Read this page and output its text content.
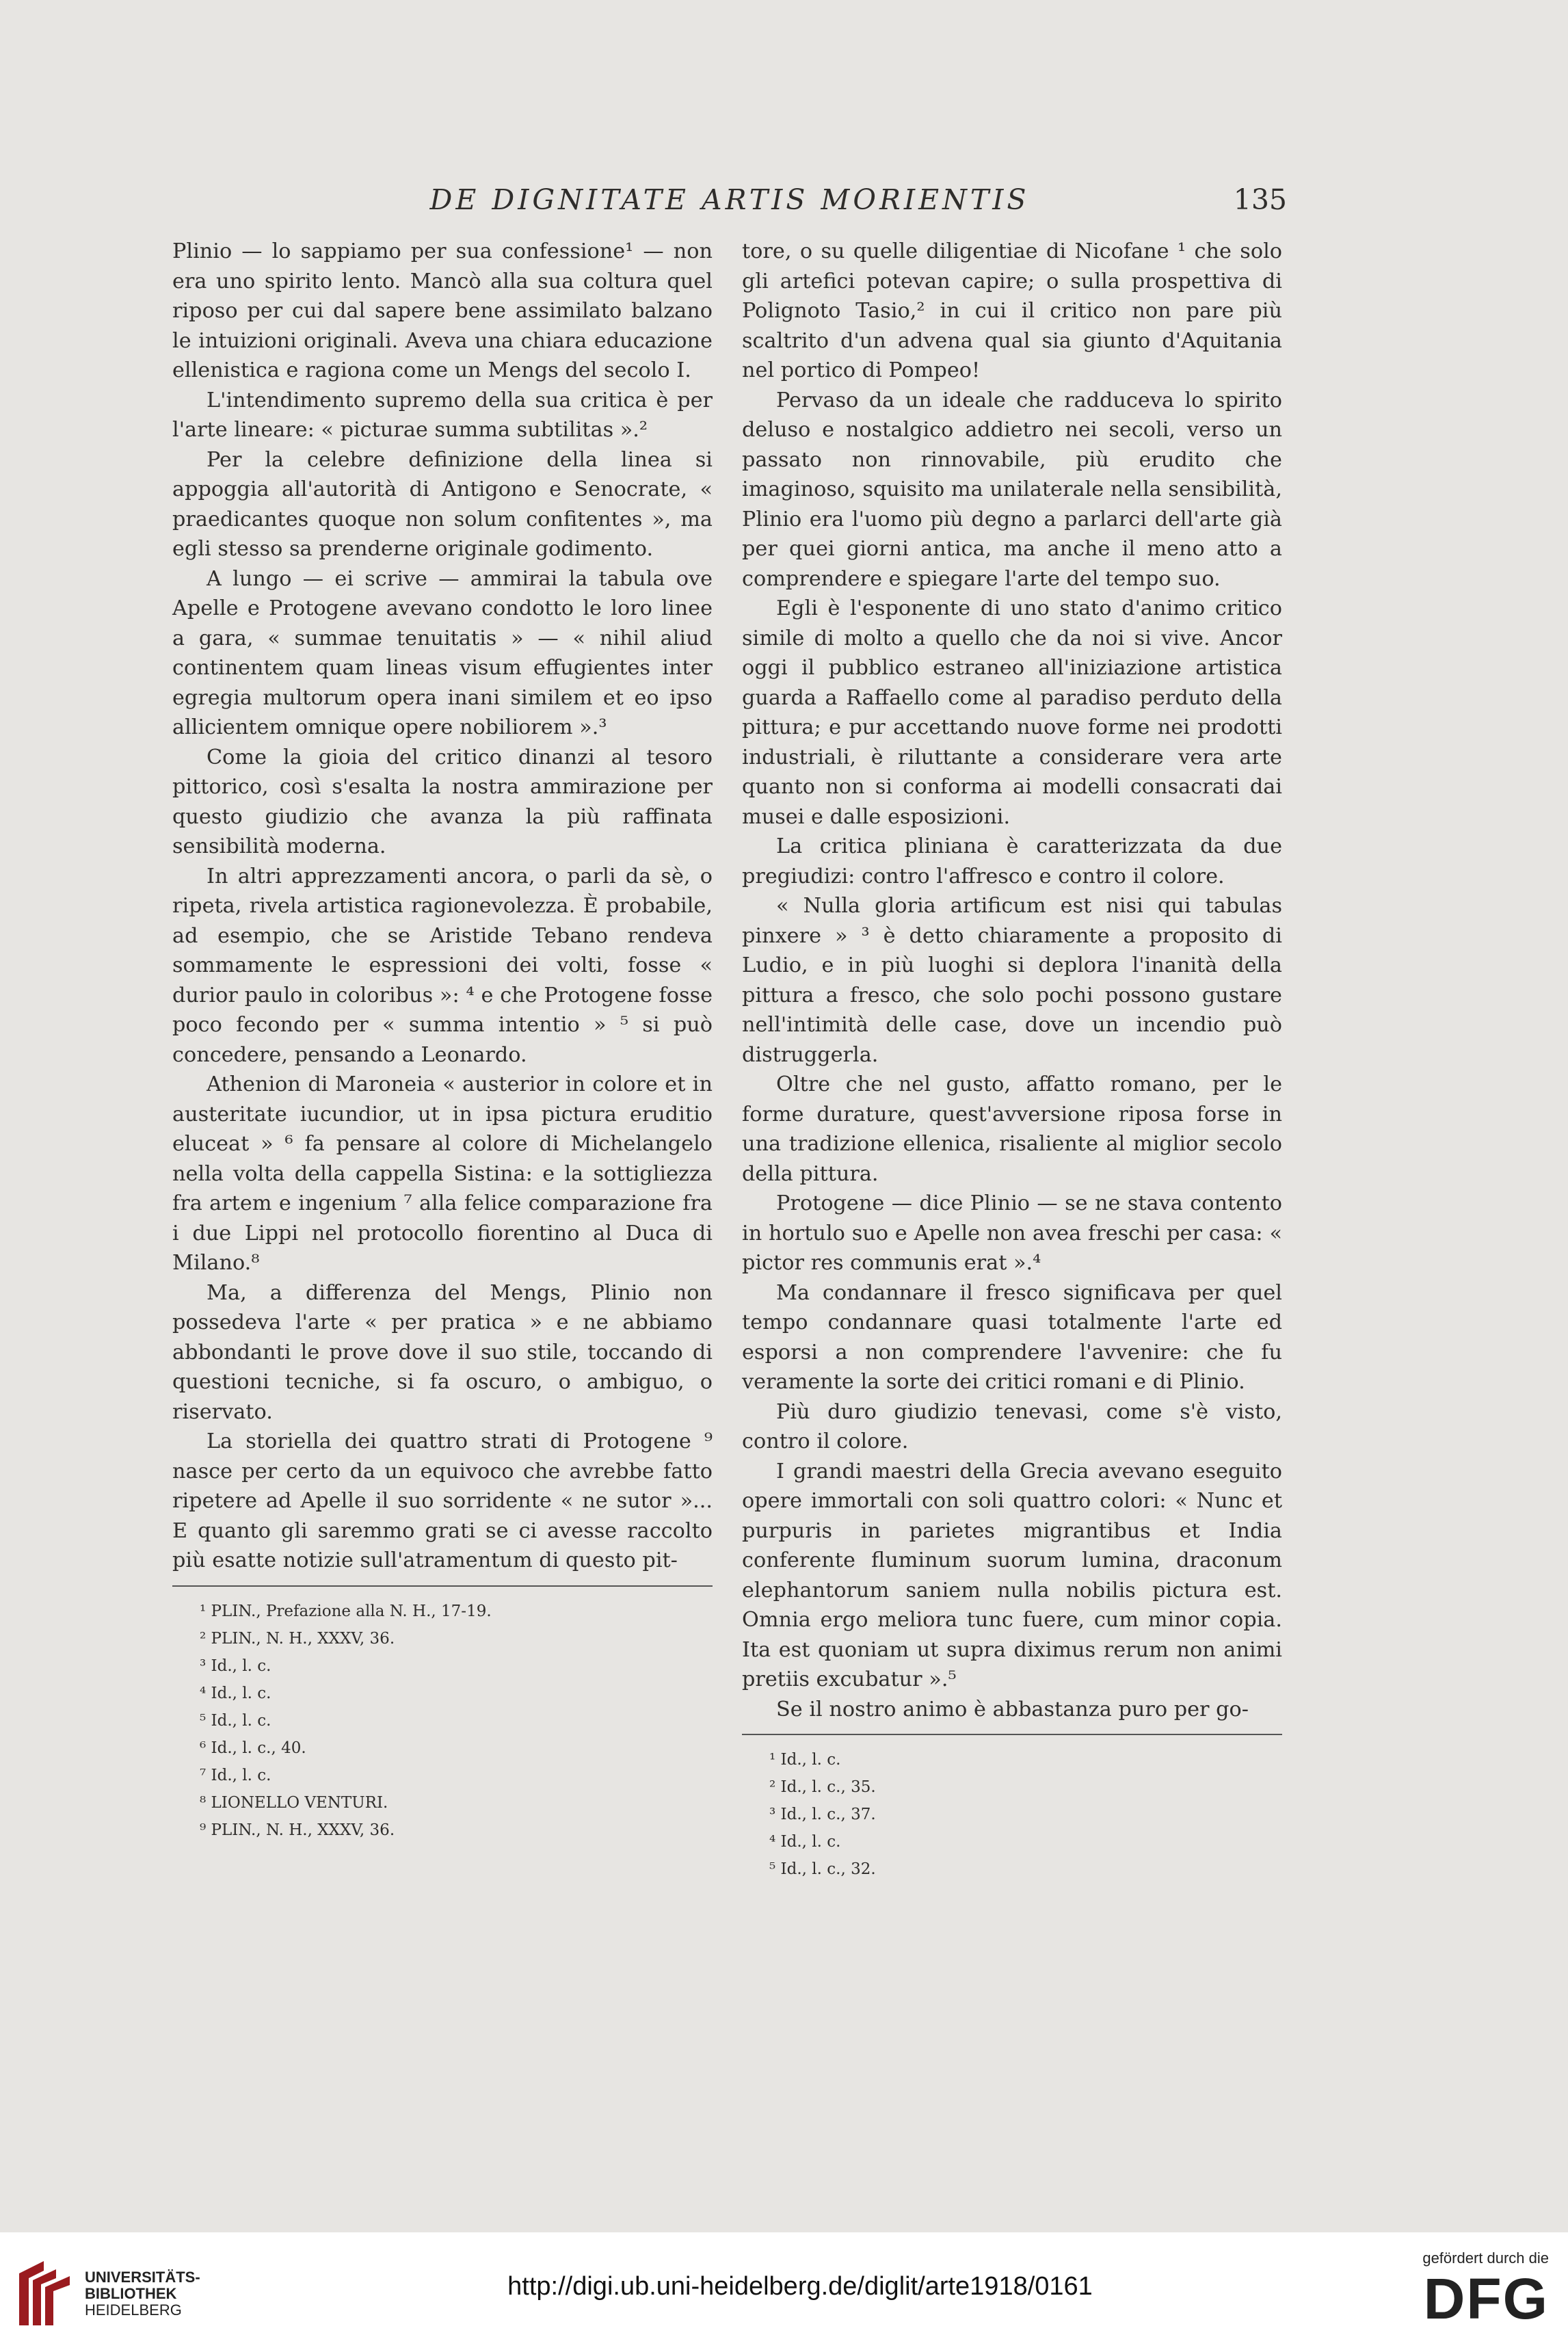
DE DIGNITATE ARTIS MORIENTIS	135

Plinio — lo sappiamo per sua confessione¹ — non era uno spirito lento. Mancò alla sua coltura quel riposo per cui dal sapere bene assimilato balzano le intuizioni originali. Aveva una chiara educazione ellenistica e ragiona come un Mengs del secolo I.

L'intendimento supremo della sua critica è per l'arte lineare: « picturae summa subtilitas ».²

Per la celebre definizione della linea si appoggia all'autorità di Antigono e Senocrate, « praedicantes quoque non solum confitentes », ma egli stesso sa prenderne originale godimento.

A lungo — ei scrive — ammirai la tabula ove Apelle e Protogene avevano condotto le loro linee a gara, « summae tenuitatis » — « nihil aliud continentem quam lineas visum effugientes inter egregia multorum opera inani similem et eo ipso allicientem omnique opere nobiliorem ».³

Come la gioia del critico dinanzi al tesoro pittorico, così s'esalta la nostra ammirazione per questo giudizio che avanza la più raffinata sensibilità moderna.

In altri apprezzamenti ancora, o parli da sè, o ripeta, rivela artistica ragionevolezza. È probabile, ad esempio, che se Aristide Tebano rendeva sommamente le espressioni dei volti, fosse « durior paulo in coloribus »: ⁴ e che Protogene fosse poco fecondo per « summa intentio » ⁵ si può concedere, pensando a Leonardo.

Athenion di Maroneia « austerior in colore et in austeritate iucundior, ut in ipsa pictura eruditio eluceat » ⁶ fa pensare al colore di Michelangelo nella volta della cappella Sistina: e la sottigliezza fra artem e ingenium ⁷ alla felice comparazione fra i due Lippi nel protocollo fiorentino al Duca di Milano.⁸

Ma, a differenza del Mengs, Plinio non possedeva l'arte « per pratica » e ne abbiamo abbondanti le prove dove il suo stile, toccando di questioni tecniche, si fa oscuro, o ambiguo, o riservato.

La storiella dei quattro strati di Protogene ⁹ nasce per certo da un equivoco che avrebbe fatto ripetere ad Apelle il suo sorridente « ne sutor »... E quanto gli saremmo grati se ci avesse raccolto più esatte notizie sull'atramentum di questo pit-

¹ PLIN., Prefazione alla N. H., 17-19.
² PLIN., N. H., XXXV, 36.
³ Id., l. c.
⁴ Id., l. c.
⁵ Id., l. c.
⁶ Id., l. c., 40.
⁷ Id., l. c.
⁸ LIONELLO VENTURI.
⁹ PLIN., N. H., XXXV, 36.

tore, o su quelle diligentiae di Nicofane ¹ che solo gli artefici potevan capire; o sulla prospettiva di Polignoto Tasio,² in cui il critico non pare più scaltrito d'un advena qual sia giunto d'Aquitania nel portico di Pompeo!

Pervaso da un ideale che radduceva lo spirito deluso e nostalgico addietro nei secoli, verso un passato non rinnovabile, più erudito che imaginoso, squisito ma unilaterale nella sensibilità, Plinio era l'uomo più degno a parlarci dell'arte già per quei giorni antica, ma anche il meno atto a comprendere e spiegare l'arte del tempo suo.

Egli è l'esponente di uno stato d'animo critico simile di molto a quello che da noi si vive. Ancor oggi il pubblico estraneo all'iniziazione artistica guarda a Raffaello come al paradiso perduto della pittura; e pur accettando nuove forme nei prodotti industriali, è riluttante a considerare vera arte quanto non si conforma ai modelli consacrati dai musei e dalle esposizioni.

La critica pliniana è caratterizzata da due pregiudizi: contro l'affresco e contro il colore.

« Nulla gloria artificum est nisi qui tabulas pinxere » ³ è detto chiaramente a proposito di Ludio, e in più luoghi si deplora l'inanità della pittura a fresco, che solo pochi possono gustare nell'intimità delle case, dove un incendio può distruggerla.

Oltre che nel gusto, affatto romano, per le forme durature, quest'avversione riposa forse in una tradizione ellenica, risaliente al miglior secolo della pittura.

Protogene — dice Plinio — se ne stava contento in hortulo suo e Apelle non avea freschi per casa: « pictor res communis erat ».⁴

Ma condannare il fresco significava per quel tempo condannare quasi totalmente l'arte ed esporsi a non comprendere l'avvenire: che fu veramente la sorte dei critici romani e di Plinio.

Più duro giudizio tenevasi, come s'è visto, contro il colore.

I grandi maestri della Grecia avevano eseguito opere immortali con soli quattro colori: « Nunc et purpuris in parietes migrantibus et India conferente fluminum suorum lumina, draconum elephantorum saniem nulla nobilis pictura est. Omnia ergo meliora tunc fuere, cum minor copia. Ita est quoniam ut supra diximus rerum non animi pretiis excubatur ».⁵

Se il nostro animo è abbastanza puro per go-

¹ Id., l. c.
² Id., l. c., 35.
³ Id., l. c., 37.
⁴ Id., l. c.
⁵ Id., l. c., 32.
UNIVERSITÄTS-
BIBLIOTHEK
HEIDELBERG
http://digi.ub.uni-heidelberg.de/diglit/arte1918/0161
gefördert durch die
DFG
